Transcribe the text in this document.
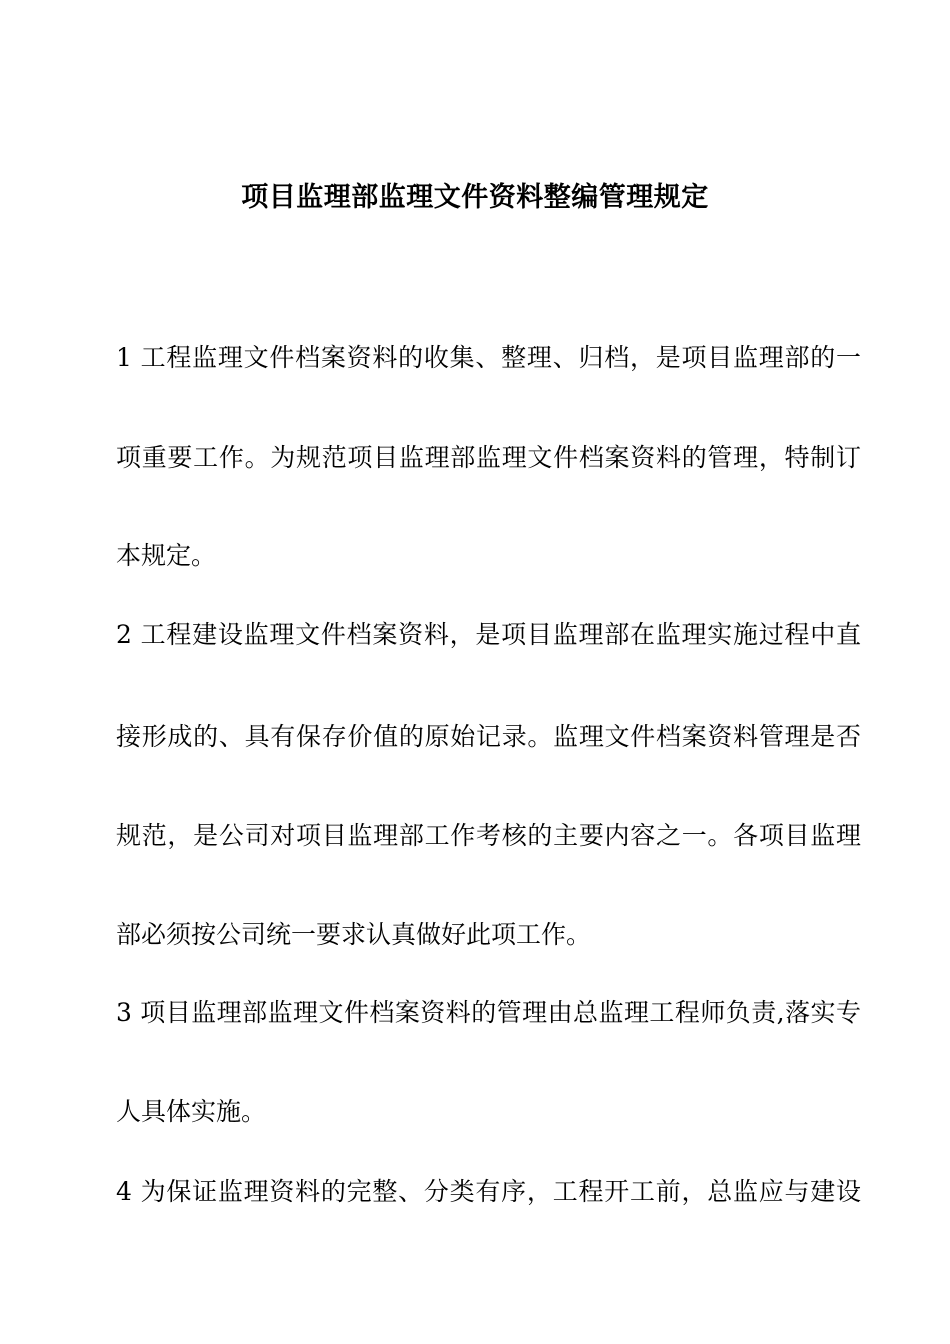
项目监理部监理文件资料整编管理规定
1 工程监理文件档案资料的收集、整理、归档，是项目监理部的一
项重要工作。为规范项目监理部监理文件档案资料的管理，特制订
本规定。
2 工程建设监理文件档案资料，是项目监理部在监理实施过程中直
接形成的、具有保存价值的原始记录。监理文件档案资料管理是否
规范，是公司对项目监理部工作考核的主要内容之一。各项目监理
部必须按公司统一要求认真做好此项工作。
3 项目监理部监理文件档案资料的管理由总监理工程师负责,落实专
人具体实施。
4 为保证监理资料的完整、分类有序，工程开工前，总监应与建设
